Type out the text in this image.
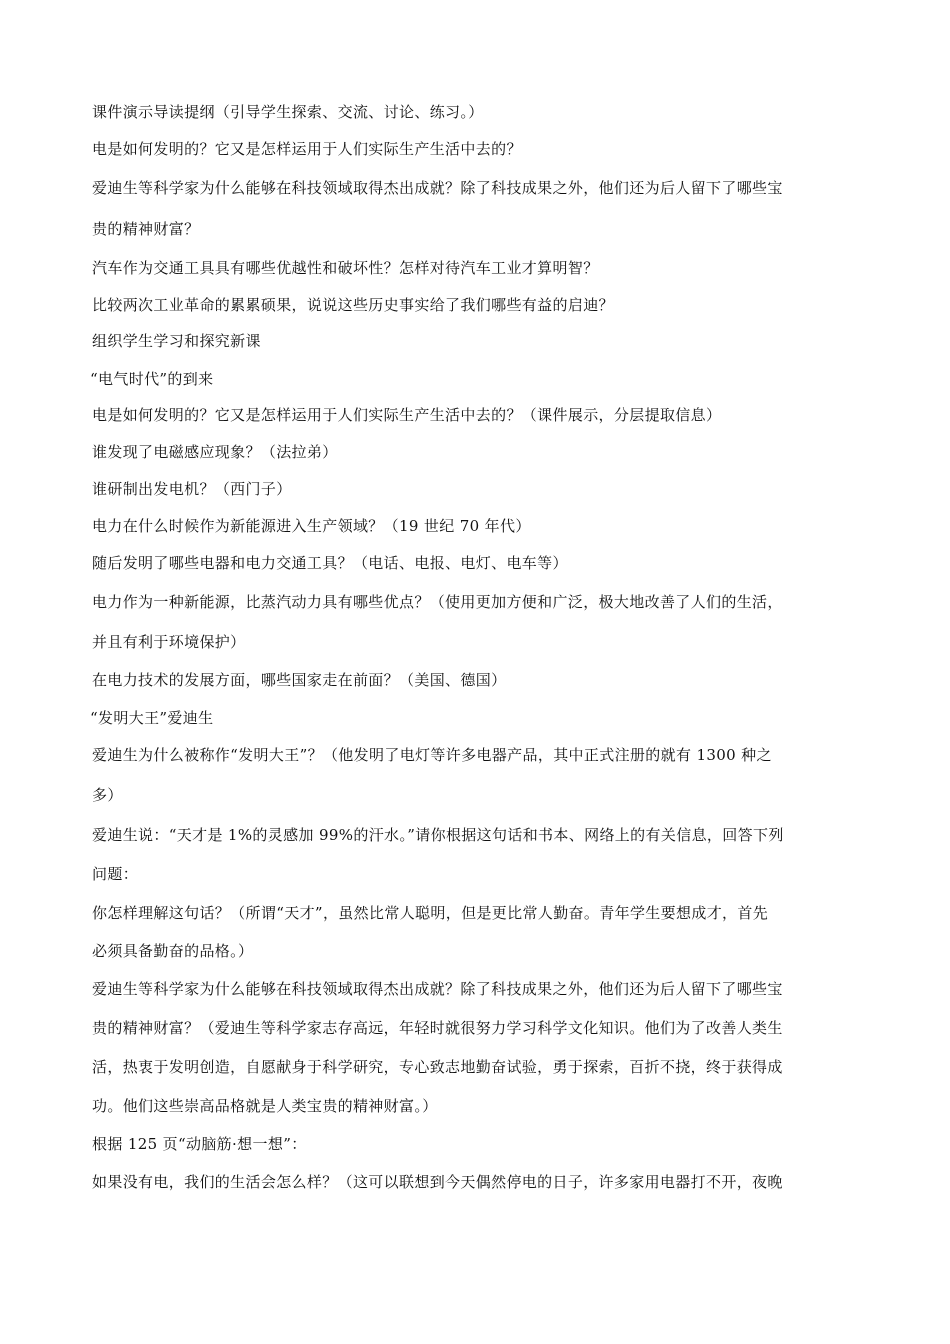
课件演示导读提纲（引导学生探索、交流、讨论、练习。）
电是如何发明的？它又是怎样运用于人们实际生产生活中去的？
爱迪生等科学家为什么能够在科技领域取得杰出成就？除了科技成果之外，他们还为后人留下了哪些宝
贵的精神财富？
汽车作为交通工具具有哪些优越性和破坏性？怎样对待汽车工业才算明智？
比较两次工业革命的累累硕果，说说这些历史事实给了我们哪些有益的启迪？
组织学生学习和探究新课
“电气时代”的到来
电是如何发明的？它又是怎样运用于人们实际生产生活中去的？（课件展示，分层提取信息）
谁发现了电磁感应现象？（法拉弟）
谁研制出发电机？（西门子）
电力在什么时候作为新能源进入生产领域？（19 世纪 70 年代）
随后发明了哪些电器和电力交通工具？（电话、电报、电灯、电车等）
电力作为一种新能源，比蒸汽动力具有哪些优点？（使用更加方便和广泛，极大地改善了人们的生活，
并且有利于环境保护）
在电力技术的发展方面，哪些国家走在前面？（美国、德国）
“发明大王”爱迪生
爱迪生为什么被称作“发明大王”？（他发明了电灯等许多电器产品，其中正式注册的就有 1300 种之
多）
爱迪生说：“天才是 1%的灵感加 99%的汗水。”请你根据这句话和书本、网络上的有关信息，回答下列
问题：
你怎样理解这句话？（所谓“天才”，虽然比常人聪明，但是更比常人勤奋。青年学生要想成才，首先
必须具备勤奋的品格。）
爱迪生等科学家为什么能够在科技领域取得杰出成就？除了科技成果之外，他们还为后人留下了哪些宝
贵的精神财富？（爱迪生等科学家志存高远，年轻时就很努力学习科学文化知识。他们为了改善人类生
活，热衷于发明创造，自愿献身于科学研究，专心致志地勤奋试验，勇于探索，百折不挠，终于获得成
功。他们这些崇高品格就是人类宝贵的精神财富。）
根据 125 页“动脑筋·想一想”：
如果没有电，我们的生活会怎么样？（这可以联想到今天偶然停电的日子，许多家用电器打不开，夜晚
